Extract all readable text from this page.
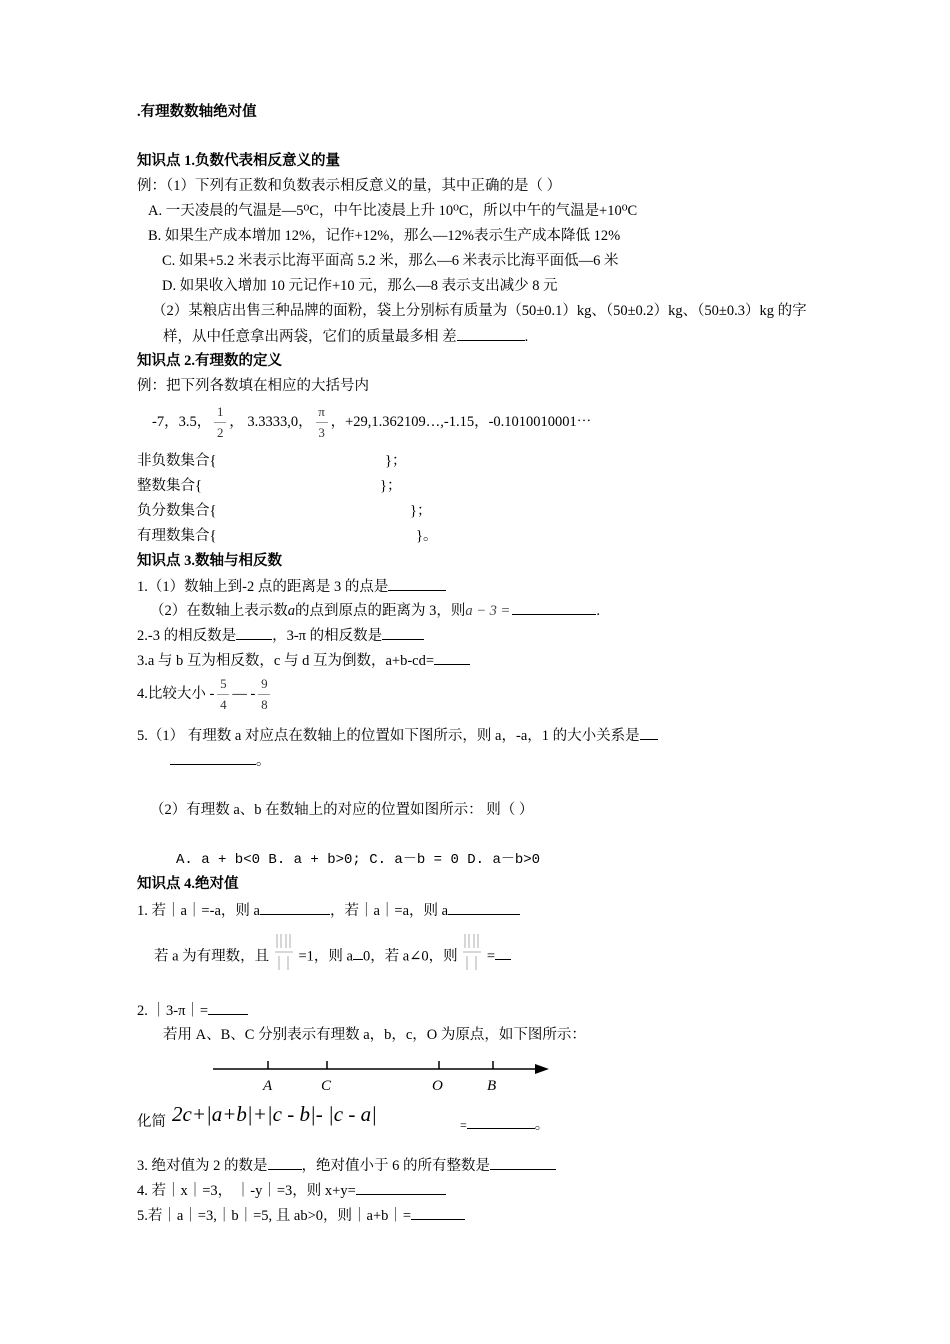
.有理数数轴绝对值
知识点 1.负数代表相反意义的量
例：（1）下列有正数和负数表示相反意义的量，其中正确的是（ ）
A. 一天凌晨的气温是—5⁰C，中午比凌晨上升 10⁰C，所以中午的气温是+10⁰C
B. 如果生产成本增加 12%，记作+12%，那么—12%表示生产成本降低 12%
C. 如果+5.2 米表示比海平面高 5.2 米，那么—6 米表示比海平面低—6 米
D. 如果收入增加 10 元记作+10 元，那么—8 表示支出减少 8 元
（2）某粮店出售三种品牌的面粉，袋上分别标有质量为（50±0.1）kg、（50±0.2）kg、（50±0.3）kg 的字
样，从中任意拿出两袋，它们的质量最多相 差	.
知识点 2.有理数的定义
例：把下列各数填在相应的大括号内
-7，3.5， $\frac{1}{2}$ ， 3.3333,0， $\frac{\pi}{3}$ ，+29,1.362109…,-1.15，-0.1010010001⋯
非负数集合{	}；
整数集合{	}；
负分数集合{	}；
有理数集合{	}。
知识点 3.数轴与相反数
1.（1）数轴上到-2 点的距离是 3 的点是
（2）在数轴上表示数a的点到原点的距离为 3，则a − 3 =	.
2.-3 的相反数是 ，3-π 的相反数是
3.a 与 b 互为相反数，c 与 d 互为倒数，a+b-cd=
4.比较大小 - $\frac{5}{4}$ — - $\frac{9}{8}$
5.（1） 有理数 a 对应点在数轴上的位置如下图所示，则 a，-a，1 的大小关系是
。
（2）有理数 a、b 在数轴上的对应的位置如图所示： 则（ ）
A. a + b<0 B. a + b>0; C. a－b = 0 D. a－b>0
知识点 4.绝对值
1. 若｜a｜=-a，则 a	，若｜a｜=a，则 a
若 a 为有理数，且 =1，则 a 0，若 a∠0，则 =
2. ｜3-π｜=
若用 A、B、C 分别表示有理数 a，b，c，O 为原点，如下图所示：
A	C	O	B
化简 2c+|a+b|+|c - b|- |c - a|	=	。
3. 绝对值为 2 的数是 ，绝对值小于 6 的所有整数是
4. 若｜x｜=3， ｜-y｜=3，则 x+y=
5.若｜a｜=3,｜b｜=5, 且 ab>0，则｜a+b｜=
